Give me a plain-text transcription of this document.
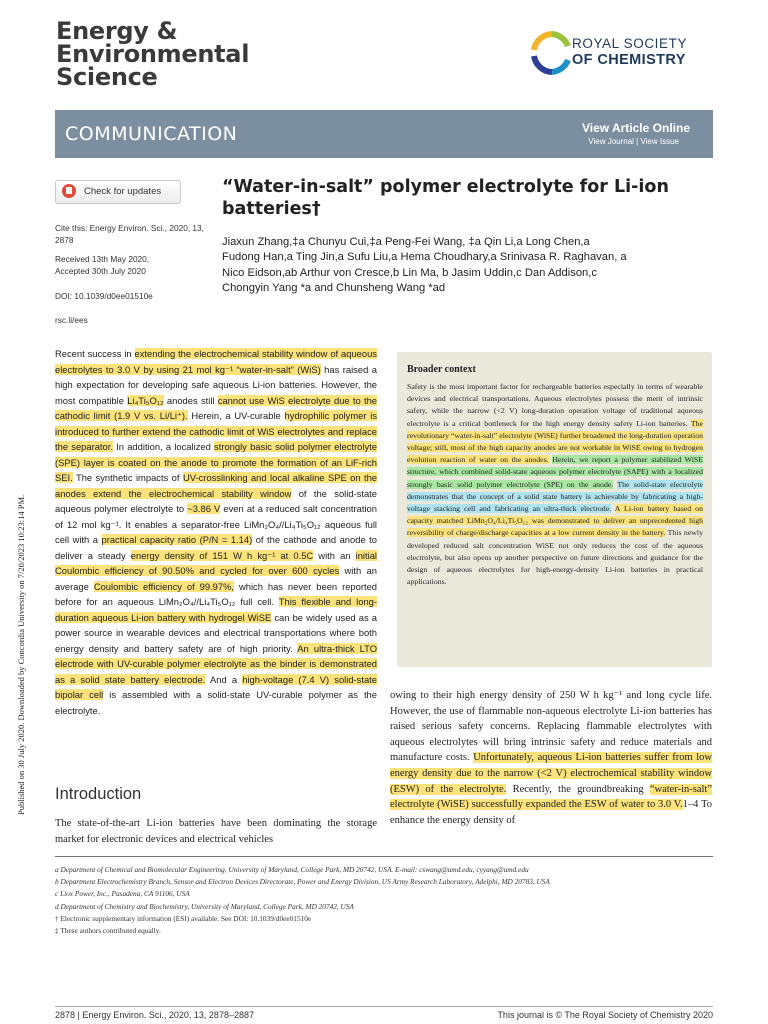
Energy &
Environmental
Science
ROYAL SOCIETY
OF CHEMISTRY
COMMUNICATION	View Article Online
View Journal | View Issue
Published on 30 July 2020. Downloaded by Concordia University on 7/20/2023 10:23:14 PM.
Check for updates
Cite this: Energy Environ. Sci., 2020, 13, 2878
Received 13th May 2020,
Accepted 30th July 2020
DOI: 10.1039/d0ee01510e
rsc.li/ees
“Water-in-salt” polymer electrolyte for Li-ion batteries†
Jiaxun Zhang,‡a Chunyu Cui,‡a Peng-Fei Wang, ‡a Qin Li,a Long Chen,a
Fudong Han,a Ting Jin,a Sufu Liu,a Hema Choudhary,a Srinivasa R. Raghavan, a
Nico Eidson,ab Arthur von Cresce,b Lin Ma, b Jasim Uddin,c Dan Addison,c
Chongyin Yang *a and Chunsheng Wang *ad
Recent success in extending the electrochemical stability window of aqueous electrolytes to 3.0 V by using 21 mol kg⁻¹ “water-in-salt” (WiS) has raised a high expectation for developing safe aqueous Li-ion batteries. However, the most compatible Li₄Ti₅O₁₂ anodes still cannot use WiS electrolyte due to the cathodic limit (1.9 V vs. Li/Li⁺). Herein, a UV-curable hydrophilic polymer is introduced to further extend the cathodic limit of WiS electrolytes and replace the separator. In addition, a localized strongly basic solid polymer electrolyte (SPE) layer is coated on the anode to promote the formation of an LiF-rich SEI. The synthetic impacts of UV-crosslinking and local alkaline SPE on the anodes extend the electrochemical stability window of the solid-state aqueous polymer electrolyte to ~3.86 V even at a reduced salt concentration of 12 mol kg⁻¹. It enables a separator-free LiMn₂O₄//Li₄Ti₅O₁₂ aqueous full cell with a practical capacity ratio (P/N = 1.14) of the cathode and anode to deliver a steady energy density of 151 W h kg⁻¹ at 0.5C with an initial Coulombic efficiency of 90.50% and cycled for over 600 cycles with an average Coulombic efficiency of 99.97%, which has never been reported before for an aqueous LiMn₂O₄//Li₄Ti₅O₁₂ full cell. This flexible and long-duration aqueous Li-ion battery with hydrogel WiSE can be widely used as a power source in wearable devices and electrical transportations where both energy density and battery safety are of high priority. An ultra-thick LTO electrode with UV-curable polymer electrolyte as the binder is demonstrated as a solid state battery electrode. And a high-voltage (7.4 V) solid-state bipolar cell is assembled with a solid-state UV-curable polymer as the electrolyte.
Broader context
Safety is the most important factor for rechargeable batteries especially in terms of wearable devices and electrical transportations. Aqueous electrolytes possess the merit of intrinsic safety, while the narrow (<2 V) long-duration operation voltage of traditional aqueous electrolyte is a critical bottleneck for the high energy density safety Li-ion batteries. The revolutionary “water-in-salt” electrolyte (WiSE) further broadened the long-duration operation voltage; still, most of the high capacity anodes are not workable in WiSE owing to hydrogen evolution reaction of water on the anodes. Herein, we report a polymer stabilized WiSE structure, which combined solid-state aqueous polymer electrolyte (SAPE) with a localized strongly basic solid polymer electrolyte (SPE) on the anode. The solid-state electrolyte demonstrates that the concept of a solid state battery is achievable by fabricating a high-voltage stacking cell and fabricating an ultra-thick electrode. A Li-ion battery based on capacity matched LiMn₂O₄/Li₄Ti₅O₁₂ was demonstrated to deliver an unprecedented high reversibility of charge/discharge capacities at a low current density in the battery. This newly developed reduced salt concentration WiSE not only reduces the cost of the aqueous electrolyte, but also opens up another perspective on future directions and guidance for the design of aqueous electrolytes for high-energy-density Li-ion batteries in practical applications.
owing to their high energy density of 250 W h kg⁻¹ and long cycle life. However, the use of flammable non-aqueous electrolyte Li-ion batteries has raised serious safety concerns. Replacing flammable electrolytes with aqueous electrolytes will bring intrinsic safety and reduce materials and manufacture costs. Unfortunately, aqueous Li-ion batteries suffer from low energy density due to the narrow (<2 V) electrochemical stability window (ESW) of the electrolyte. Recently, the groundbreaking “water-in-salt” electrolyte (WiSE) successfully expanded the ESW of water to 3.0 V.1–4 To enhance the energy density of
Introduction
The state-of-the-art Li-ion batteries have been dominating the storage market for electronic devices and electrical vehicles
a Department of Chemical and Biomolecular Engineering, University of Maryland, College Park, MD 20742, USA. E-mail: cswang@umd.edu, cyyang@umd.edu
b Department Electrochemistry Branch, Sensor and Electron Devices Directorate, Power and Energy Division, US Army Research Laboratory, Adelphi, MD 20783, USA
c Liox Power, Inc., Pasadena, CA 91106, USA
d Department of Chemistry and Biochemistry, University of Maryland, College Park, MD 20742, USA
† Electronic supplementary information (ESI) available. See DOI: 10.1039/d0ee01510e
‡ These authors contributed equally.
2878 | Energy Environ. Sci., 2020, 13, 2878–2887	This journal is © The Royal Society of Chemistry 2020
